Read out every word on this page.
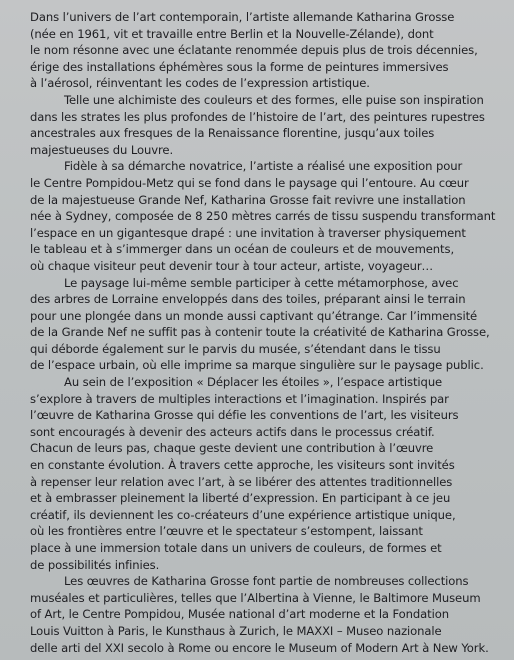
Dans l’univers de l’art contemporain, l’artiste allemande Katharina Grosse
(née en 1961, vit et travaille entre Berlin et la Nouvelle-Zélande), dont
le nom résonne avec une éclatante renommée depuis plus de trois décennies,
érige des installations éphémères sous la forme de peintures immersives
à l’aérosol, réinventant les codes de l’expression artistique.

Telle une alchimiste des couleurs et des formes, elle puise son inspiration
dans les strates les plus profondes de l’histoire de l’art, des peintures rupestres
ancestrales aux fresques de la Renaissance florentine, jusqu’aux toiles
majestueuses du Louvre.

Fidèle à sa démarche novatrice, l’artiste a réalisé une exposition pour
le Centre Pompidou-Metz qui se fond dans le paysage qui l’entoure. Au cœur
de la majestueuse Grande Nef, Katharina Grosse fait revivre une installation
née à Sydney, composée de 8 250 mètres carrés de tissu suspendu transformant
l’espace en un gigantesque drapé : une invitation à traverser physiquement
le tableau et à s’immerger dans un océan de couleurs et de mouvements,
où chaque visiteur peut devenir tour à tour acteur, artiste, voyageur…

Le paysage lui-même semble participer à cette métamorphose, avec
des arbres de Lorraine enveloppés dans des toiles, préparant ainsi le terrain
pour une plongée dans un monde aussi captivant qu’étrange. Car l’immensité
de la Grande Nef ne suffit pas à contenir toute la créativité de Katharina Grosse,
qui déborde également sur le parvis du musée, s’étendant dans le tissu
de l’espace urbain, où elle imprime sa marque singulière sur le paysage public.

Au sein de l’exposition « Déplacer les étoiles », l’espace artistique
s’explore à travers de multiples interactions et l’imagination. Inspirés par
l’œuvre de Katharina Grosse qui défie les conventions de l’art, les visiteurs
sont encouragés à devenir des acteurs actifs dans le processus créatif.
Chacun de leurs pas, chaque geste devient une contribution à l’œuvre
en constante évolution. À travers cette approche, les visiteurs sont invités
à repenser leur relation avec l’art, à se libérer des attentes traditionnelles
et à embrasser pleinement la liberté d’expression. En participant à ce jeu
créatif, ils deviennent les co-créateurs d’une expérience artistique unique,
où les frontières entre l’œuvre et le spectateur s’estompent, laissant
place à une immersion totale dans un univers de couleurs, de formes et
de possibilités infinies.

Les œuvres de Katharina Grosse font partie de nombreuses collections
muséales et particulières, telles que l’Albertina à Vienne, le Baltimore Museum
of Art, le Centre Pompidou, Musée national d’art moderne et la Fondation
Louis Vuitton à Paris, le Kunsthaus à Zurich, le MAXXI – Museo nazionale
delle arti del XXI secolo à Rome ou encore le Museum of Modern Art à New York.
